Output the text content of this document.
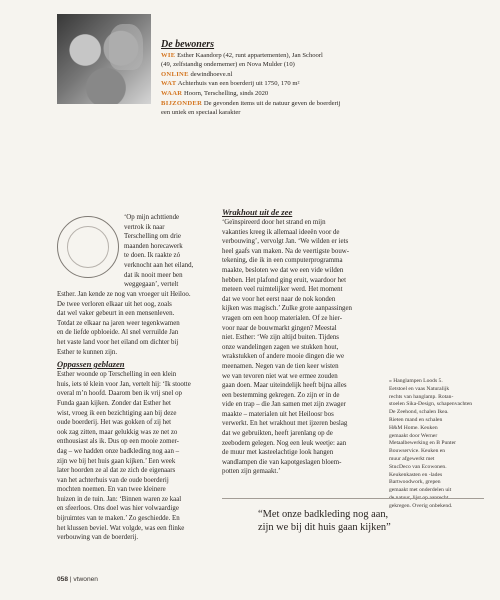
De bewoners
WIE Esther Kaandorp (42, runt appartementen), Jan Schoorl
(49, zelfstandig ondernemer) en Nova Mulder (10)
ONLINE dewindhoeve.nl
WAT Achterhuis van een boerderij uit 1750, 170 m²
WAAR Hoorn, Terschelling, sinds 2020
BIJZONDER De gevonden items uit de natuur geven de boerderij
een uniek en speciaal karakter
‘Op mijn achttiende
vertrok ik naar
Terschelling om drie
maanden horecawerk
te doen. Ik raakte zó
verknocht aan het eiland,
dat ik nooit meer ben
weggegaan’, vertelt
Esther. Jan kende ze nog van vroeger uit Heiloo.
De twee verloren elkaar uit het oog, zoals
dat wel vaker gebeurt in een mensenleven.
Totdat ze elkaar na jaren weer tegenkwamen
en de liefde opbloeide. Al snel verruilde Jan
het vaste land voor het eiland om dichter bij
Esther te kunnen zijn.
Oppassen geblazen
Esther woonde op Terschelling in een klein
huis, iets té klein voor Jan, vertelt hij: ‘Ik stootte
overal m’n hoofd. Daarom ben ik vrij snel op
Funda gaan kijken. Zonder dat Esther het
wist, vroeg ik een bezichtiging aan bij deze
oude boerderij. Het was gokken of zij het
ook zag zitten, maar gelukkig was ze net zo
enthousiast als ik. Dus op een mooie zomer-
dag – we hadden onze badkleding nog aan –
zijn we bij het huis gaan kijken.’ Een week
later hoorden ze al dat ze zich de eigenaars
van het achterhuis van de oude boerderij
mochten noemen. En van twee kleinere
huizen in de tuin. Jan: ‘Binnen waren ze kaal
en sfeerloos. Ons doel was hier volwaardige
bijruimtes van te maken.’ Zo geschiedde. En
het klussen beviel. Wat volgde, was een flinke
verbouwing van de boerderij.
Wrakhout uit de zee
‘Geïnspireerd door het strand en mijn
vakanties kreeg ik allemaal ideeën voor de
verbouwing’, vervolgt Jan. ‘We wilden er iets
heel gaafs van maken. Na de veertigste bouw-
tekening, die ik in een computerprogramma
maakte, besloten we dat we een vide wilden
hebben. Het plafond ging eruit, waardoor het
meteen veel ruimtelijker werd. Het moment
dat we voor het eerst naar de nok konden
kijken was magisch.’ Zulke grote aanpassingen
vragen om een hoop materialen. Of ze hier-
voor naar de bouwmarkt gingen? Meestal
niet. Esther: ‘We zijn altijd buiten. Tijdens
onze wandelingen zagen we stukken hout,
wrakstukken of andere mooie dingen die we
meenamen. Negen van de tien keer wisten
we van tevoren niet wat we ermee zouden
gaan doen. Maar uiteindelijk heeft bijna alles
een bestemming gekregen. Zo zijn er in de
vide en trap – die Jan samen met zijn zwager
maakte – materialen uit het Heiloosr bos
verwerkt. En het wrakhout met ijzeren beslag
dat we gebruikten, heeft jarenlang op de
zeebodem gelegen. Nog een leuk weetje: aan
de muur met kasteelachtige look hangen
wandlampen die van kapotgeslagen bloem-
potten zijn gemaakt.’
« Hanglampen Loods 5.
Eetstoel en vaas Naturalijk
rechts van hanglamp. Rotan-
stoelen Sika-Design, schapenvachten
De Zeehond, schalen Ikea.
Rieten mand en schalen
H&M Home. Keuken
gemaakt door Werner
Metaalbewerking en B Punter
Bouwservice. Keuken en
muur afgewerkt met
StucDeco van Ecowonen.
Keukenkasten en -lades
Bartwoodwork, grepen
gemaakt met onderdelen uit
gekregen. Overig onbekend.
“Met onze badkleding nog aan,
zijn we bij dit huis gaan kijken”
058 | vtwonen
